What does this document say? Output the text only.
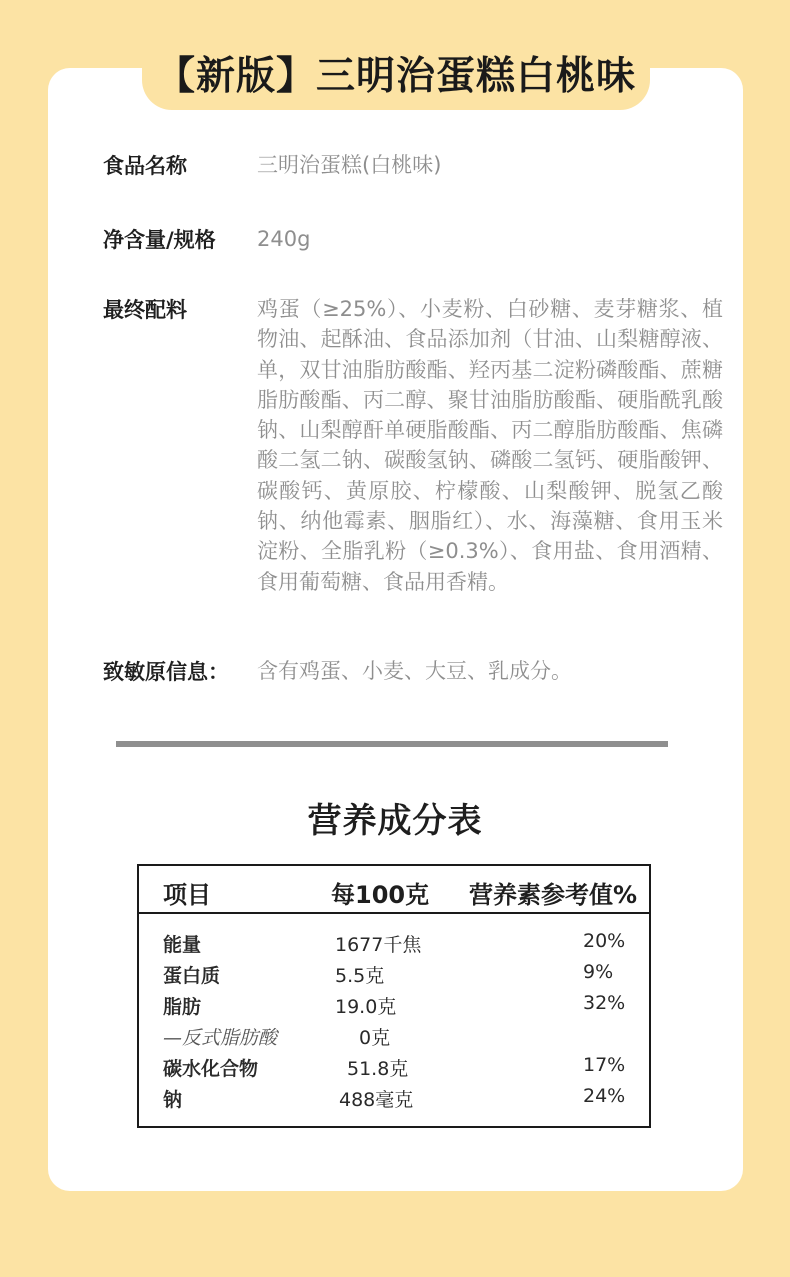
【新版】三明治蛋糕白桃味
食品名称	三明治蛋糕(白桃味)
净含量/规格 240g
最终配料	鸡蛋（≥25%）、小麦粉、白砂糖、麦芽糖浆、植物油、起酥油、食品添加剂（甘油、山梨糖醇液、单，双甘油脂肪酸酯、羟丙基二淀粉磷酸酯、蔗糖脂肪酸酯、丙二醇、聚甘油脂肪酸酯、硬脂酰乳酸钠、山梨醇酐单硬脂酸酯、丙二醇脂肪酸酯、焦磷酸二氢二钠、碳酸氢钠、磷酸二氢钙、硬脂酸钾、碳酸钙、黄原胶、柠檬酸、山梨酸钾、脱氢乙酸钠、纳他霉素、胭脂红）、水、海藻糖、食用玉米淀粉、全脂乳粉（≥0.3%）、食用盐、食用酒精、食用葡萄糖、食品用香精。
致敏原信息： 含有鸡蛋、小麦、大豆、乳成分。
营养成分表
项目	每100克 营养素参考值%
能量	1677千焦	20%
蛋白质	5.5克	9%
脂肪	19.0克	32%
—反式脂肪酸	0克
碳水化合物	51.8克	17%
钠	488毫克	24%
